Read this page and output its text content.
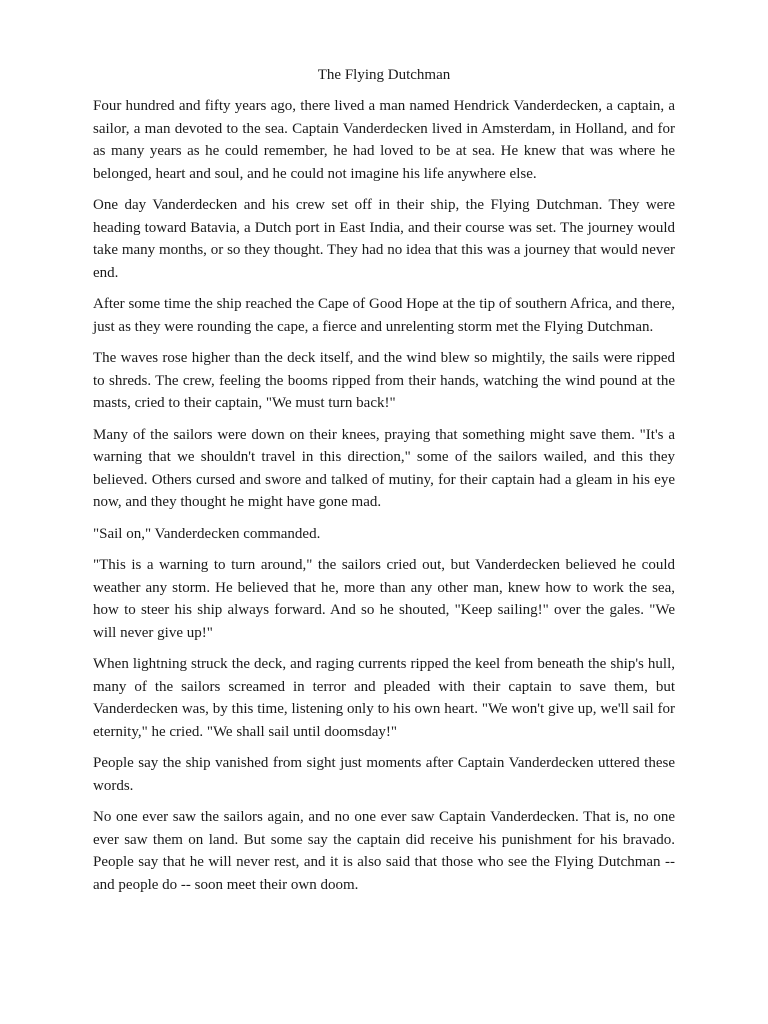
The Flying Dutchman

Four hundred and fifty years ago, there lived a man named Hendrick Vanderdecken, a captain, a sailor, a man devoted to the sea. Captain Vanderdecken lived in Amsterdam, in Holland, and for as many years as he could remember, he had loved to be at sea. He knew that was where he belonged, heart and soul, and he could not imagine his life anywhere else.

One day Vanderdecken and his crew set off in their ship, the Flying Dutchman. They were heading toward Batavia, a Dutch port in East India, and their course was set. The journey would take many months, or so they thought. They had no idea that this was a journey that would never end.

After some time the ship reached the Cape of Good Hope at the tip of southern Africa, and there, just as they were rounding the cape, a fierce and unrelenting storm met the Flying Dutchman.

The waves rose higher than the deck itself, and the wind blew so mightily, the sails were ripped to shreds. The crew, feeling the booms ripped from their hands, watching the wind pound at the masts, cried to their captain, "We must turn back!"

Many of the sailors were down on their knees, praying that something might save them. "It's a warning that we shouldn't travel in this direction," some of the sailors wailed, and this they believed. Others cursed and swore and talked of mutiny, for their captain had a gleam in his eye now, and they thought he might have gone mad.

"Sail on," Vanderdecken commanded.

"This is a warning to turn around," the sailors cried out, but Vanderdecken believed he could weather any storm. He believed that he, more than any other man, knew how to work the sea, how to steer his ship always forward. And so he shouted, "Keep sailing!" over the gales. "We will never give up!"

When lightning struck the deck, and raging currents ripped the keel from beneath the ship's hull, many of the sailors screamed in terror and pleaded with their captain to save them, but Vanderdecken was, by this time, listening only to his own heart. "We won't give up, we'll sail for eternity," he cried. "We shall sail until doomsday!"

People say the ship vanished from sight just moments after Captain Vanderdecken uttered these words.

No one ever saw the sailors again, and no one ever saw Captain Vanderdecken. That is, no one ever saw them on land. But some say the captain did receive his punishment for his bravado. People say that he will never rest, and it is also said that those who see the Flying Dutchman -- and people do -- soon meet their own doom.
